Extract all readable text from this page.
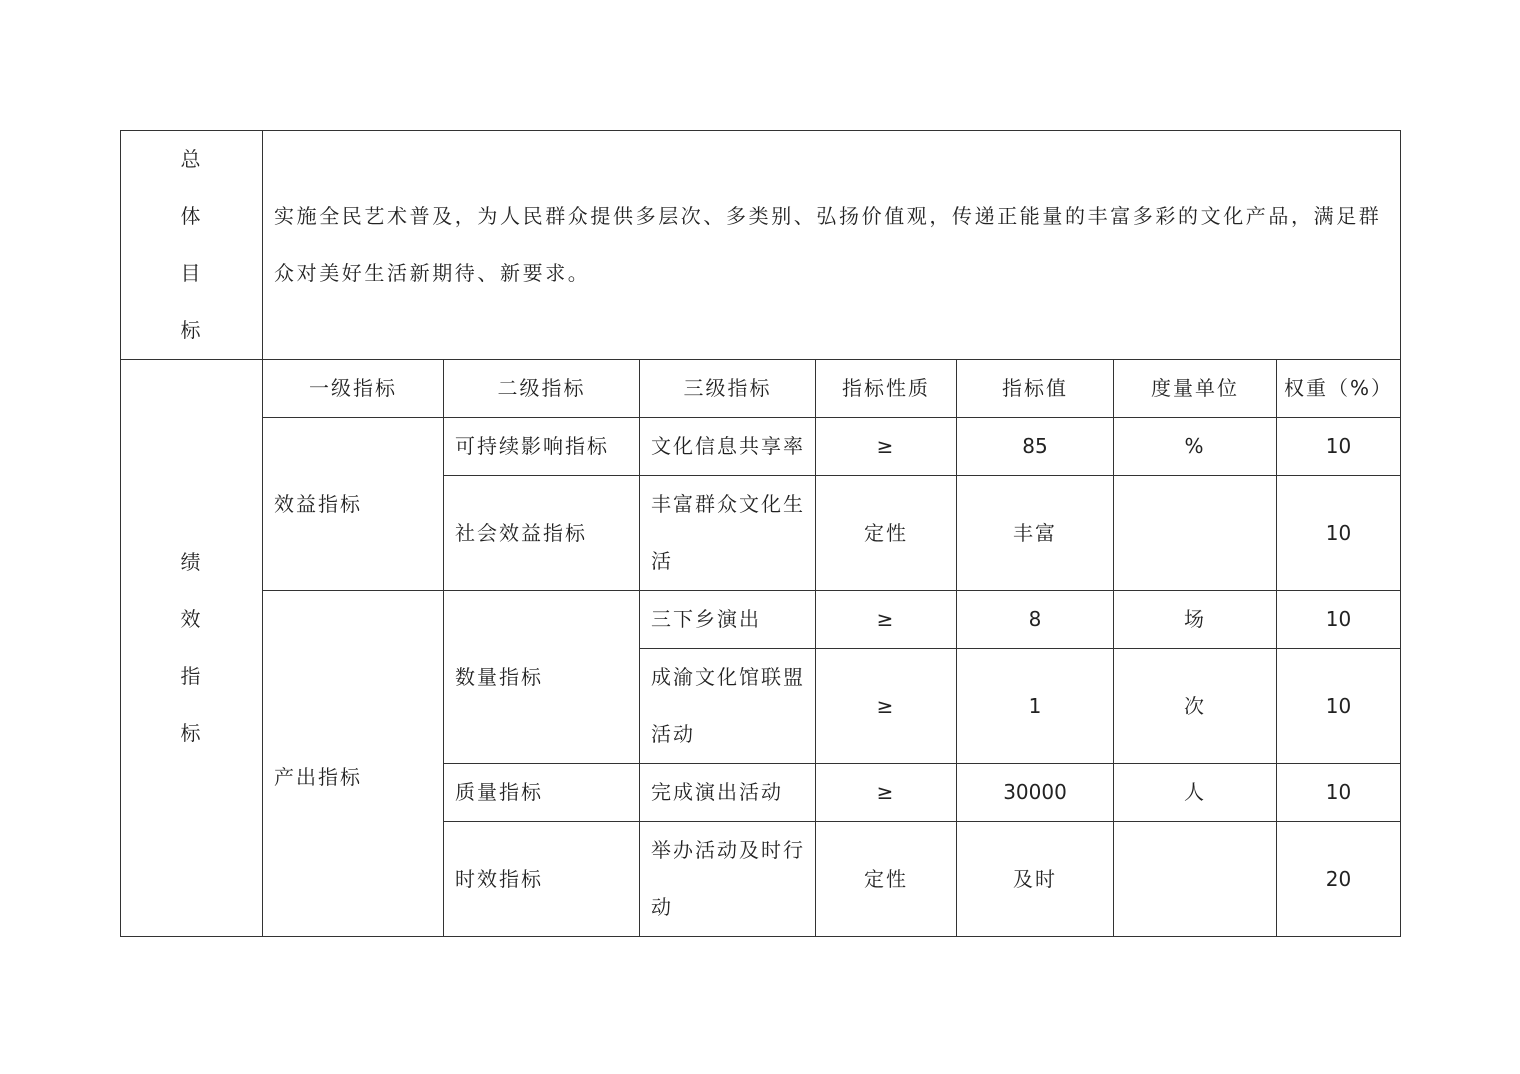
总
体
目
标	实施全民艺术普及，为人民群众提供多层次、多类别、弘扬价值观，传递正能量的丰富多彩的文化产品，满足群众对美好生活新期待、新要求。						

绩
效
指
标	一级指标	二级指标	三级指标	指标性质	指标值	度量单位	权重（%）
	效益指标	可持续影响指标	文化信息共享率	≥	85	%	10
		社会效益指标	丰富群众文化生活	定性	丰富		10
	产出指标	数量指标	三下乡演出	≥	8	场	10
			成渝文化馆联盟活动	≥	1	次	10
		质量指标	完成演出活动	≥	30000	人	10
		时效指标	举办活动及时行动	定性	及时		20
